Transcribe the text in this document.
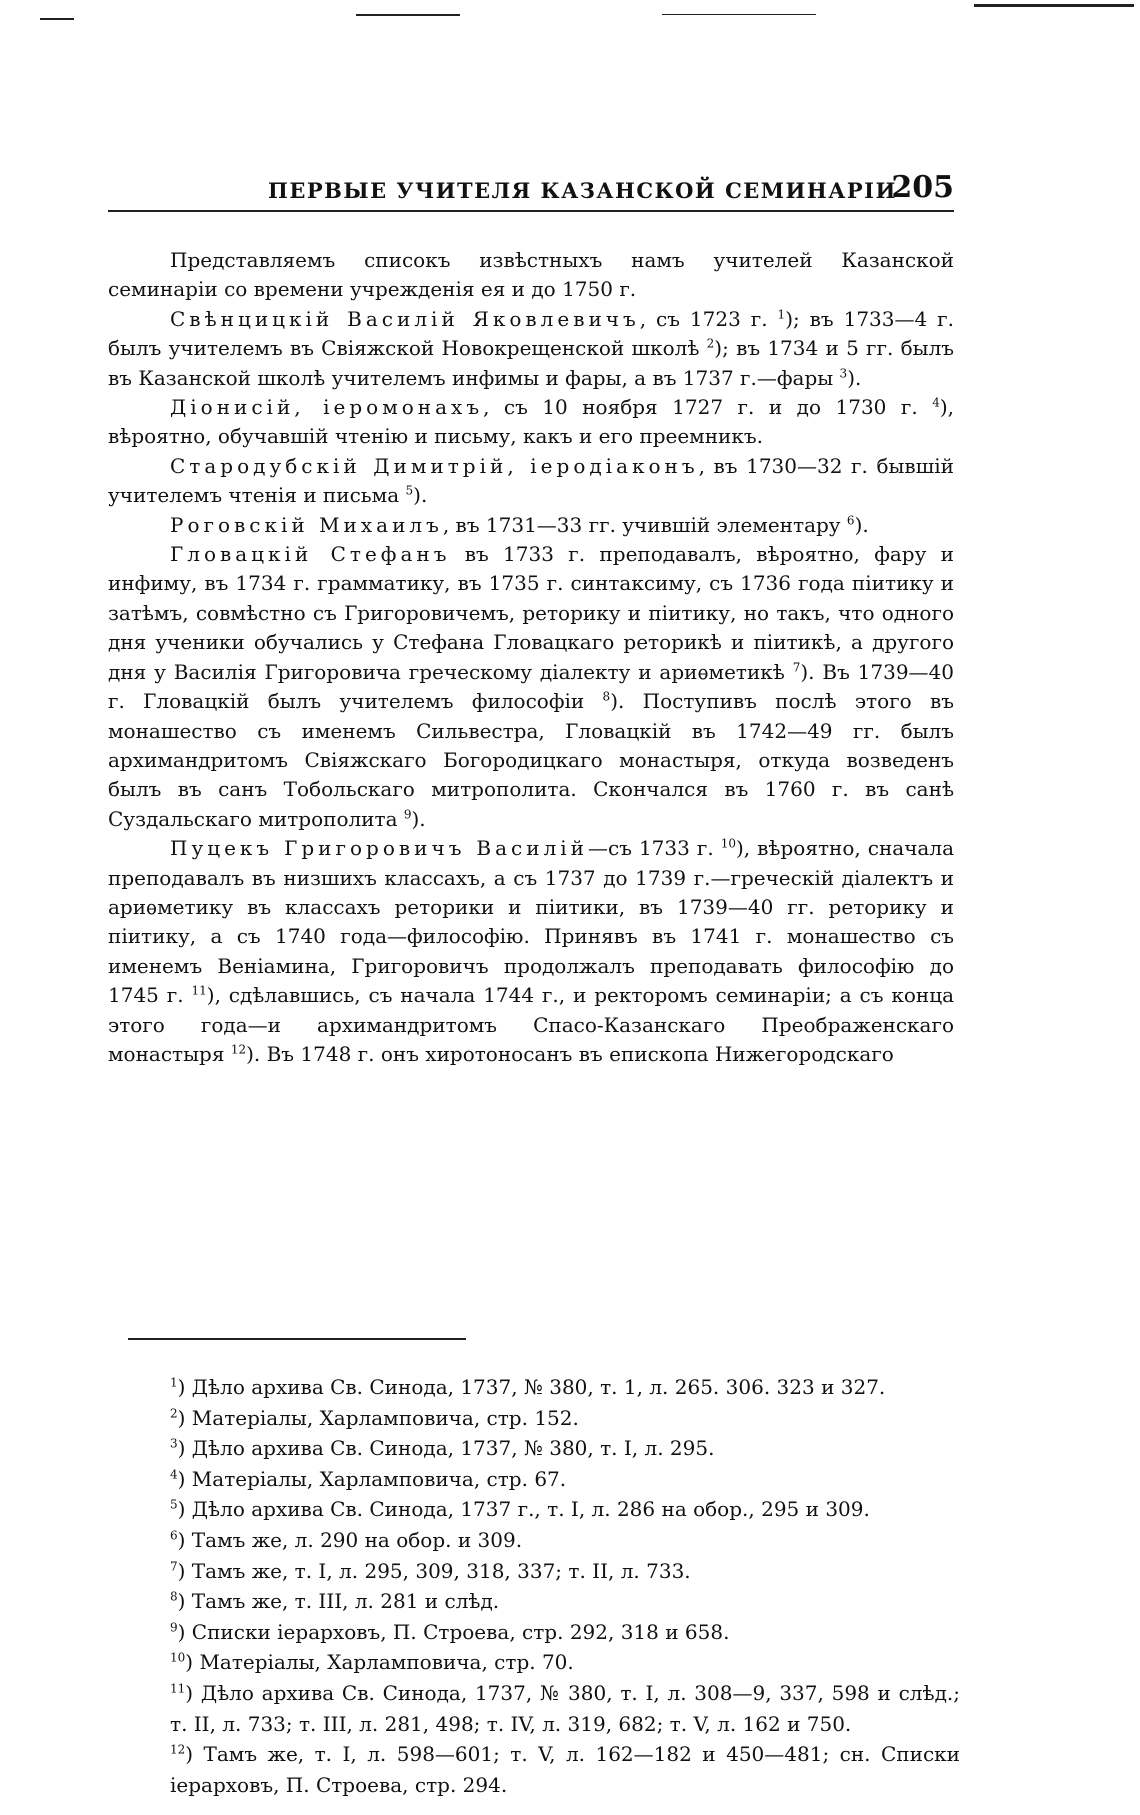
ПЕРВЫЕ УЧИТЕЛЯ КАЗАНСКОЙ СЕМИНАРIИ
205

Представляемъ списокъ извѣстныхъ намъ учителей Казанской семинарiи со времени учрежденiя ея и до 1750 г.

Свѣнцицкiй Василiй Яковлевичъ, съ 1723 г. $^1$); въ 1733—4 г. былъ учителемъ въ Свiяжской Новокрещенской школѣ $^2$); въ 1734 и 5 гг. былъ въ Казанской школѣ учителемъ инфимы и фары, а въ 1737 г.—фары $^3$).

Дiонисiй, iеромонахъ, съ 10 ноября 1727 г. и до 1730 г. $^4$), вѣроятно, обучавшiй чтенiю и письму, какъ и его преемникъ.

Стародубскiй Димитрiй, iеродiаконъ, въ 1730—32 г. бывшiй учителемъ чтенiя и письма $^5$).

Роговскiй Михаилъ, въ 1731—33 гг. учившiй элементару $^6$).

Гловацкiй Стефанъ въ 1733 г. преподавалъ, вѣроятно, фару и инфиму, въ 1734 г. грамматику, въ 1735 г. синтаксиму, съ 1736 года пiитику и затѣмъ, совмѣстно съ Григоровичемъ, реторику и пiитику, но такъ, что одного дня ученики обучались у Стефана Гловацкаго реторикѣ и пiитикѣ, а другого дня у Василiя Григоровича греческому дiалекту и ариѳметикѣ $^7$). Въ 1739—40 г. Гловацкiй былъ учителемъ философiи $^8$). Поступивъ послѣ этого въ монашество съ именемъ Сильвестра, Гловацкiй въ 1742—49 гг. былъ архимандритомъ Свiяжскаго Богородицкаго монастыря, откуда возведенъ былъ въ санъ Тобольскаго митрополита. Скончался въ 1760 г. въ санѣ Суздальскаго митрополита $^9$).

Пуцекъ Григоровичъ Василiй—съ 1733 г. $^{10}$), вѣроятно, сначала преподавалъ въ низшихъ классахъ, а съ 1737 до 1739 г.—греческiй дiалектъ и ариѳметику въ классахъ реторики и пiитики, въ 1739—40 гг. реторику и пiитику, а съ 1740 года—философiю. Принявъ въ 1741 г. монашество съ именемъ Венiамина, Григоровичъ продолжалъ преподавать философiю до 1745 г. $^{11}$), сдѣлавшись, съ начала 1744 г., и ректоромъ семинарiи; а съ конца этого года—и архимандритомъ Спасо-Казанскаго Преображенскаго монастыря $^{12}$). Въ 1748 г. онъ хиротоносанъ въ епископа Нижегородскаго

$^1$) Дѣло архива Св. Синода, 1737, № 380, т. 1, л. 265. 306. 323 и 327.

$^2$) Матерiалы, Харламповича, стр. 152.

$^3$) Дѣло архива Св. Синода, 1737, № 380, т. I, л. 295.

$^4$) Матерiалы, Харламповича, стр. 67.

$^5$) Дѣло архива Св. Синода, 1737 г., т. I, л. 286 на обор., 295 и 309.

$^6$) Тамъ же, л. 290 на обор. и 309.

$^7$) Тамъ же, т. I, л. 295, 309, 318, 337; т. II, л. 733.

$^8$) Тамъ же, т. III, л. 281 и слѣд.

$^9$) Списки iерарховъ, П. Строева, стр. 292, 318 и 658.

$^{10}$) Матерiалы, Харламповича, стр. 70.

$^{11}$) Дѣло архива Св. Синода, 1737, № 380, т. I, л. 308—9, 337, 598 и слѣд.; т. II, л. 733; т. III, л. 281, 498; т. IV, л. 319, 682; т. V, л. 162 и 750.

$^{12}$) Тамъ же, т. I, л. 598—601; т. V, л. 162—182 и 450—481; сн. Списки iерарховъ, П. Строева, стр. 294.
